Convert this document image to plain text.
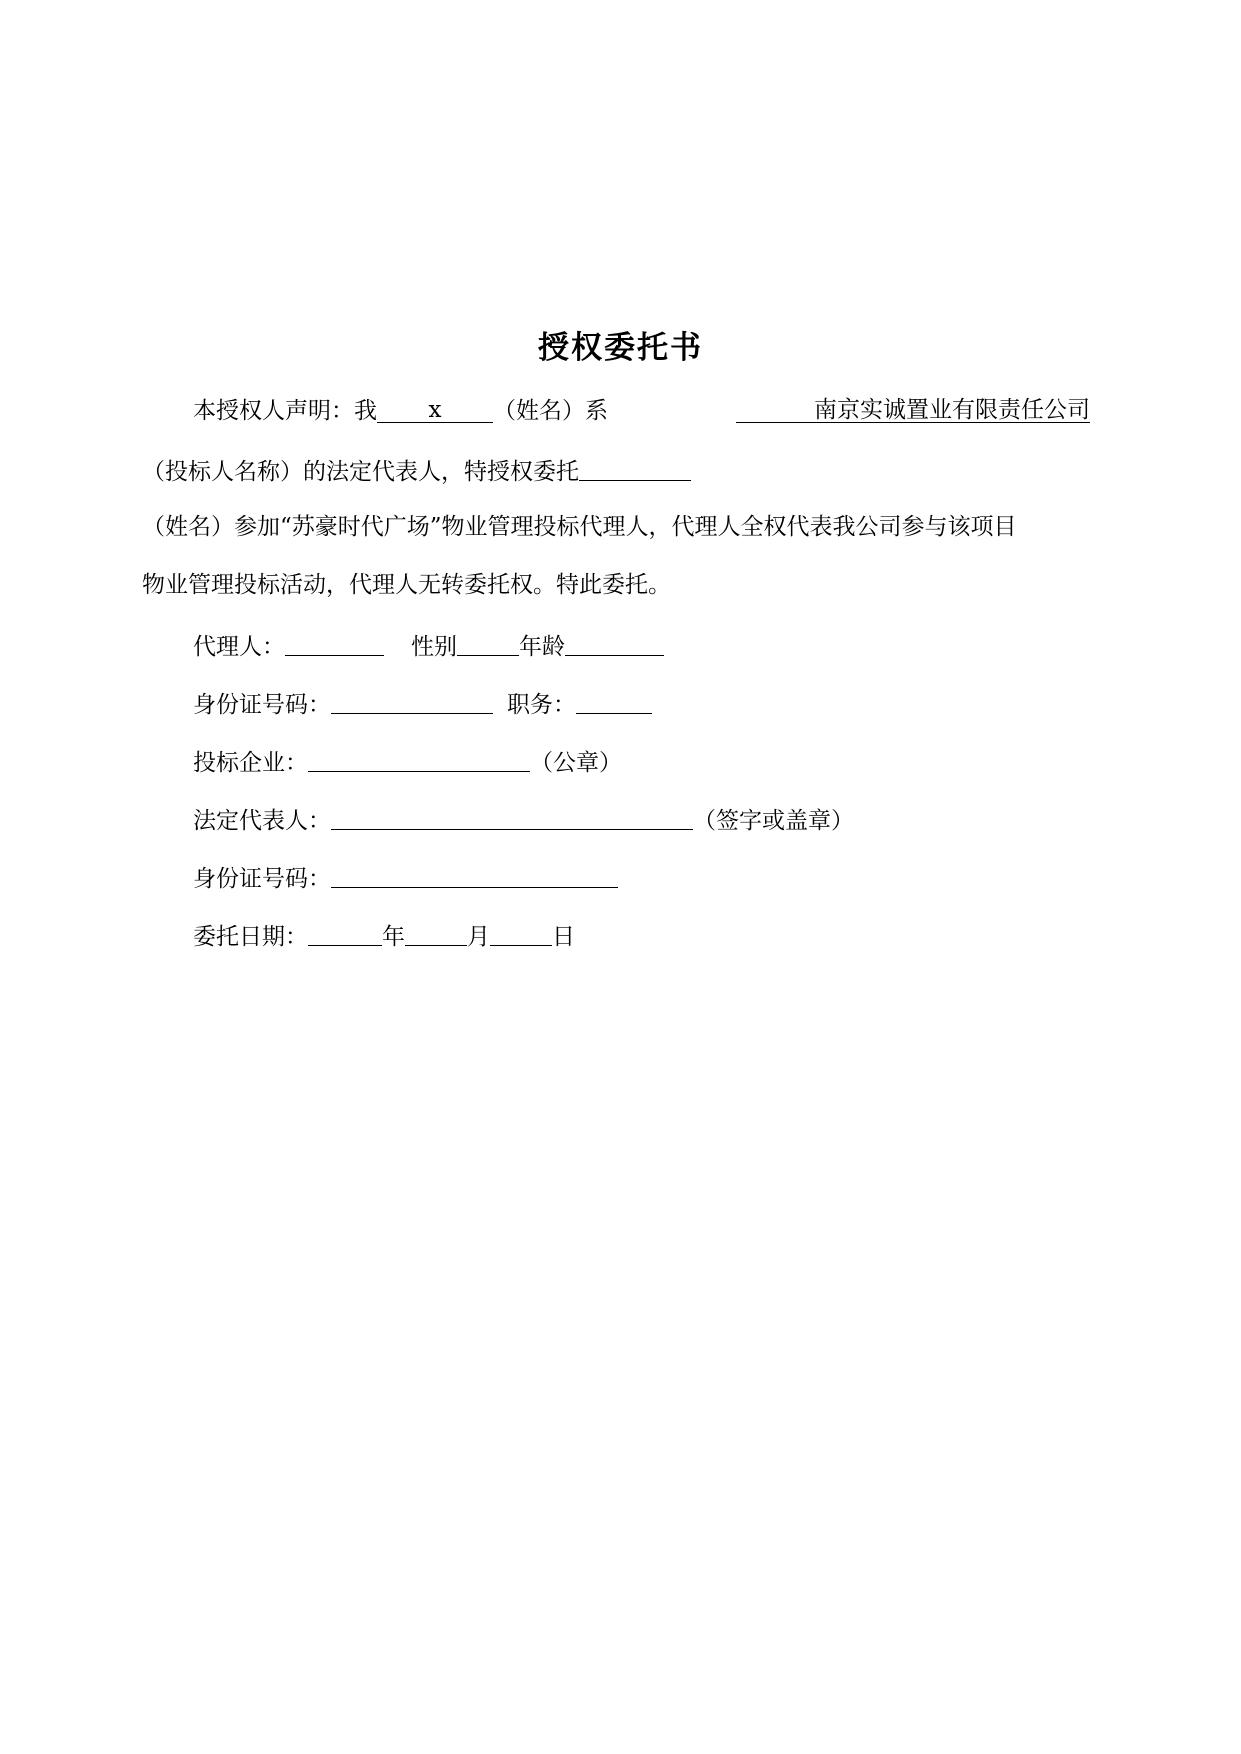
授权委托书
本授权人声明：我 x （姓名）系	南京实诚置业有限责任公司
（投标人名称）的法定代表人，特授权委托
（姓名）参加“苏豪时代广场”物业管理投标代理人，代理人全权代表我公司参与该项目
物业管理投标活动，代理人无转委托权。特此委托。
代理人：	性别	年龄
身份证号码：	职务：
投标企业：	（公章）
法定代表人：	（签字或盖章）
身份证号码：
委托日期：	年	月	日
